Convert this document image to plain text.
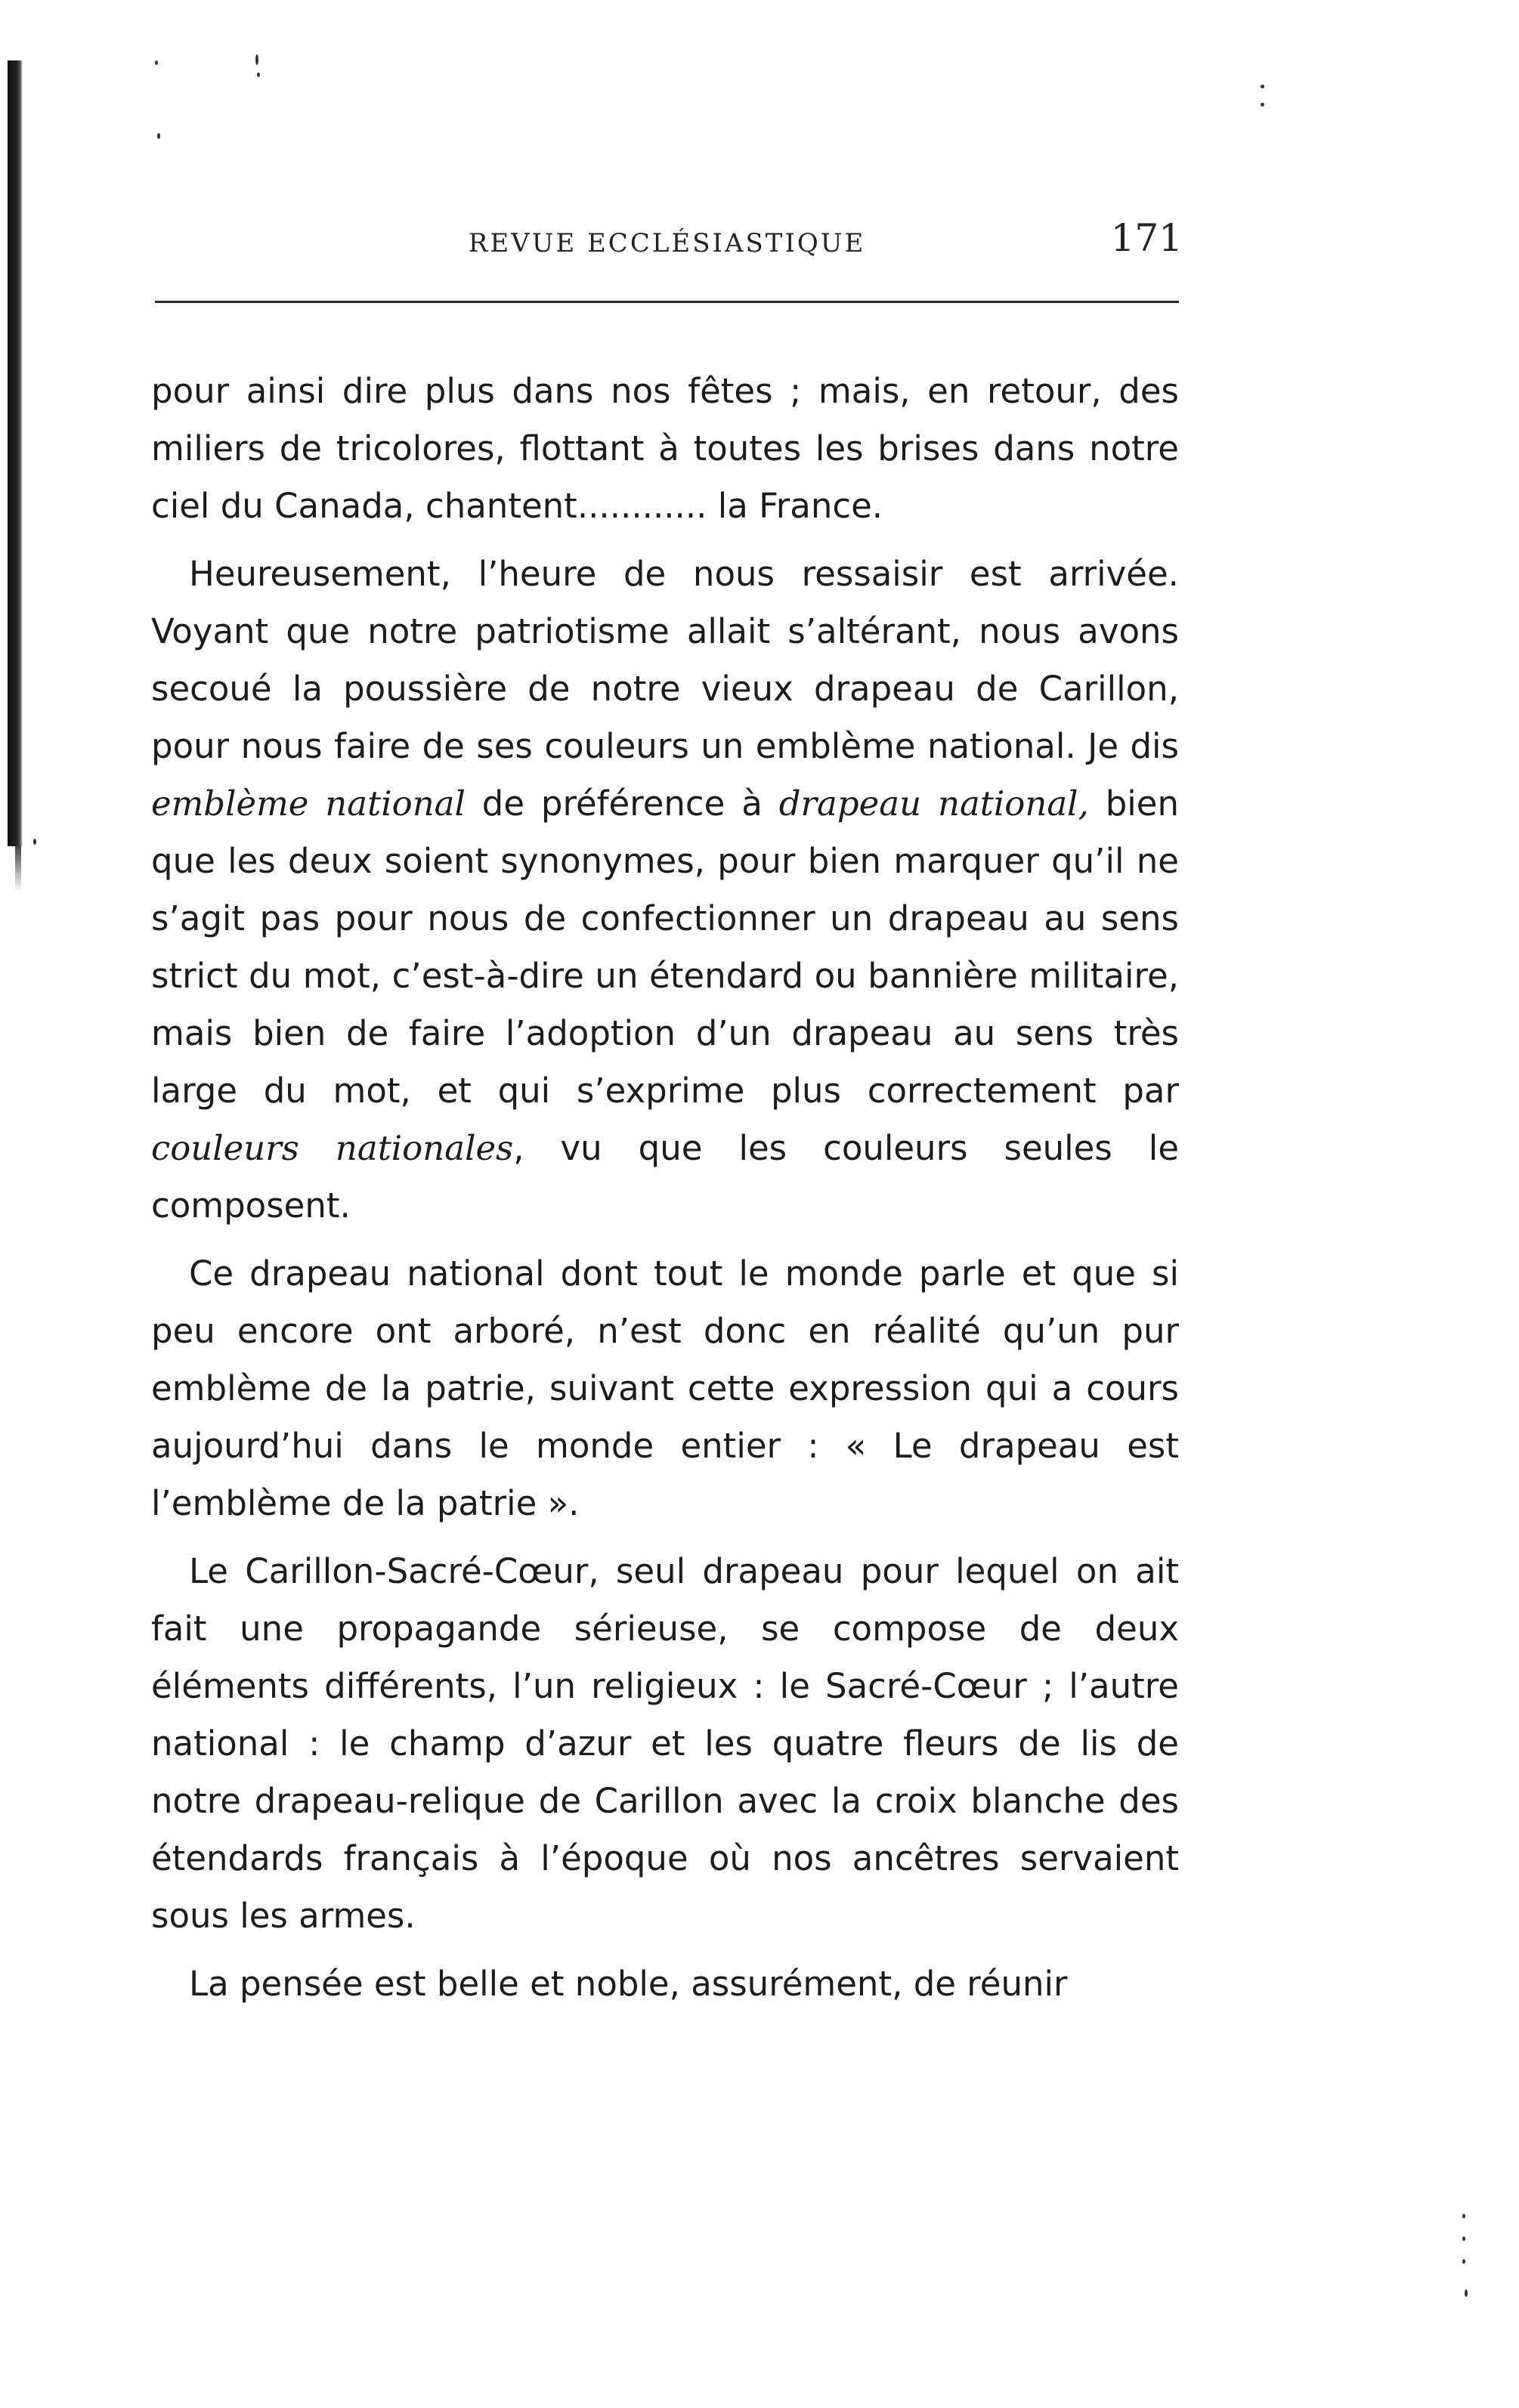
REVUE ECCLÉSIASTIQUE	171

pour ainsi dire plus dans nos fêtes ; mais, en retour, des miliers de tricolores, flottant à toutes les brises dans notre ciel du Canada, chantent............ la France.

Heureusement, l’heure de nous ressaisir est arrivée. Voyant que notre patriotisme allait s’altérant, nous avons secoué la poussière de notre vieux drapeau de Carillon, pour nous faire de ses couleurs un emblème national. Je dis emblème national de préférence à drapeau national, bien que les deux soient synonymes, pour bien marquer qu’il ne s’agit pas pour nous de confectionner un drapeau au sens strict du mot, c’est-à-dire un étendard ou bannière militaire, mais bien de faire l’adoption d’un drapeau au sens très large du mot, et qui s’exprime plus correctement par couleurs nationales, vu que les couleurs seules le composent.

Ce drapeau national dont tout le monde parle et que si peu encore ont arboré, n’est donc en réalité qu’un pur emblème de la patrie, suivant cette expression qui a cours aujourd’hui dans le monde entier : « Le drapeau est l’emblème de la patrie ».

Le Carillon-Sacré-Cœur, seul drapeau pour lequel on ait fait une propagande sérieuse, se compose de deux éléments différents, l’un religieux : le Sacré-Cœur ; l’autre national : le champ d’azur et les quatre fleurs de lis de notre drapeau-relique de Carillon avec la croix blanche des étendards français à l’époque où nos ancêtres servaient sous les armes.

La pensée est belle et noble, assurément, de réunir
